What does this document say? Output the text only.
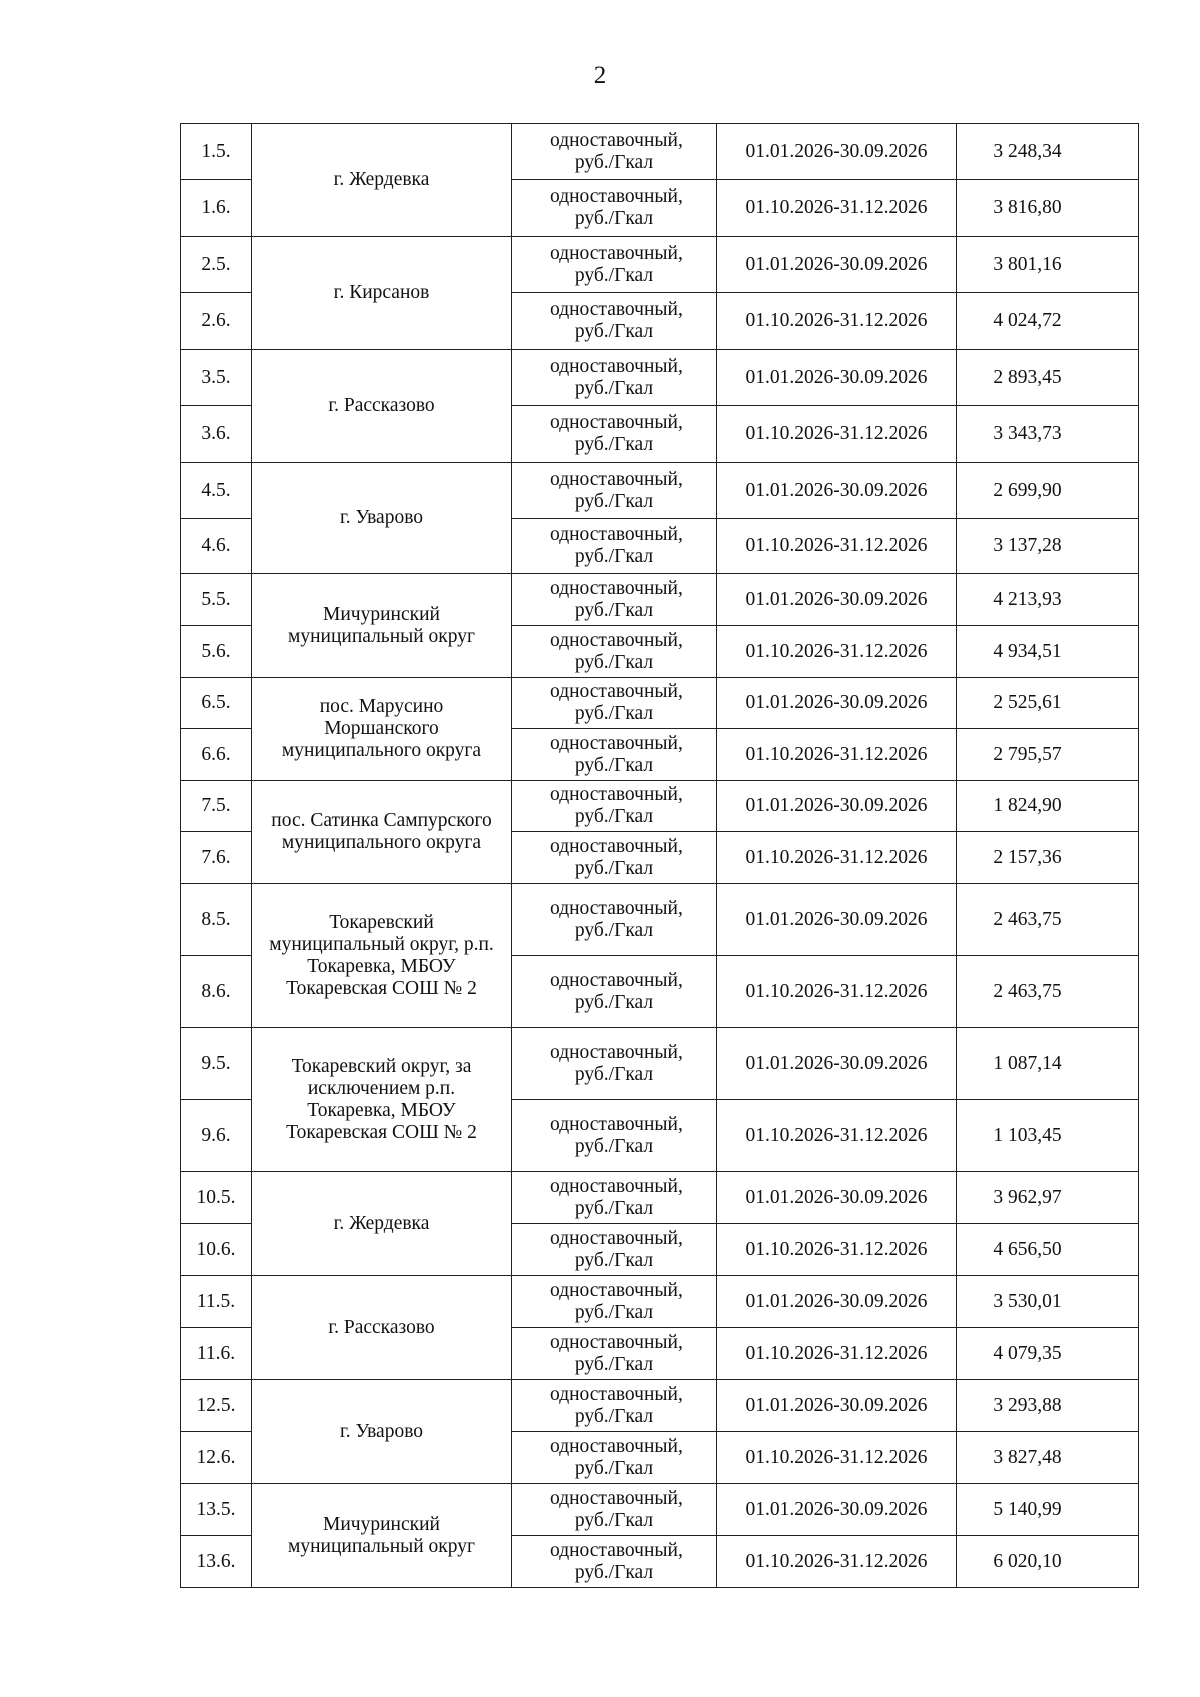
2
1.5.	г. Жердевка	одноставочный, руб./Гкал	01.01.2026-30.09.2026	3 248,34
1.6.		одноставочный, руб./Гкал	01.10.2026-31.12.2026	3 816,80
2.5.	г. Кирсанов	одноставочный, руб./Гкал	01.01.2026-30.09.2026	3 801,16
2.6.		одноставочный, руб./Гкал	01.10.2026-31.12.2026	4 024,72
3.5.	г. Рассказово	одноставочный, руб./Гкал	01.01.2026-30.09.2026	2 893,45
3.6.		одноставочный, руб./Гкал	01.10.2026-31.12.2026	3 343,73
4.5.	г. Уварово	одноставочный, руб./Гкал	01.01.2026-30.09.2026	2 699,90
4.6.		одноставочный, руб./Гкал	01.10.2026-31.12.2026	3 137,28
5.5.	Мичуринский муниципальный округ	одноставочный, руб./Гкал	01.01.2026-30.09.2026	4 213,93
5.6.		одноставочный, руб./Гкал	01.10.2026-31.12.2026	4 934,51
6.5.	пос. Марусино Моршанского муниципального округа	одноставочный, руб./Гкал	01.01.2026-30.09.2026	2 525,61
6.6.		одноставочный, руб./Гкал	01.10.2026-31.12.2026	2 795,57
7.5.	пос. Сатинка Сампурского муниципального округа	одноставочный, руб./Гкал	01.01.2026-30.09.2026	1 824,90
7.6.		одноставочный, руб./Гкал	01.10.2026-31.12.2026	2 157,36
8.5.	Токаревский муниципальный округ, р.п. Токаревка, МБОУ Токаревская СОШ № 2	одноставочный, руб./Гкал	01.01.2026-30.09.2026	2 463,75
8.6.		одноставочный, руб./Гкал	01.10.2026-31.12.2026	2 463,75
9.5.	Токаревский округ, за исключением р.п. Токаревка, МБОУ Токаревская СОШ № 2	одноставочный, руб./Гкал	01.01.2026-30.09.2026	1 087,14
9.6.		одноставочный, руб./Гкал	01.10.2026-31.12.2026	1 103,45
10.5.	г. Жердевка	одноставочный, руб./Гкал	01.01.2026-30.09.2026	3 962,97
10.6.		одноставочный, руб./Гкал	01.10.2026-31.12.2026	4 656,50
11.5.	г. Рассказово	одноставочный, руб./Гкал	01.01.2026-30.09.2026	3 530,01
11.6.		одноставочный, руб./Гкал	01.10.2026-31.12.2026	4 079,35
12.5.	г. Уварово	одноставочный, руб./Гкал	01.01.2026-30.09.2026	3 293,88
12.6.		одноставочный, руб./Гкал	01.10.2026-31.12.2026	3 827,48
13.5.	Мичуринский муниципальный округ	одноставочный, руб./Гкал	01.01.2026-30.09.2026	5 140,99
13.6.		одноставочный, руб./Гкал	01.10.2026-31.12.2026	6 020,10
